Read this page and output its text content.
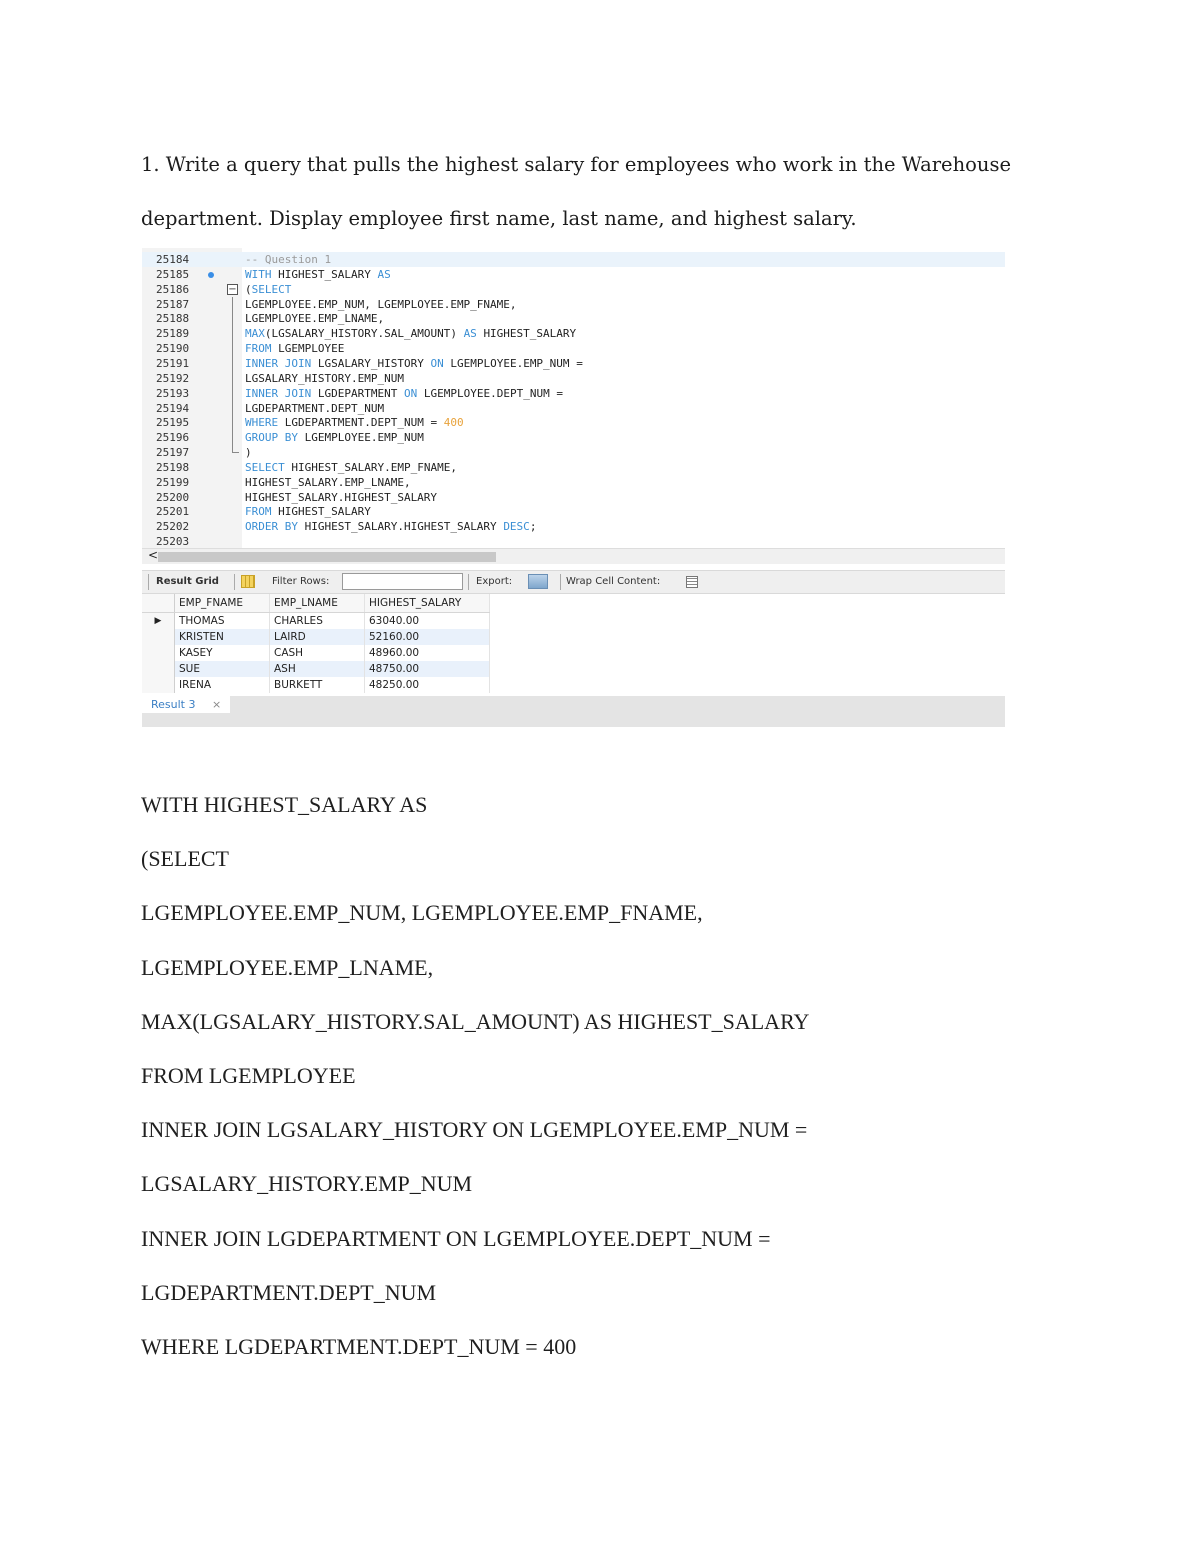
1. Write a query that pulls the highest salary for employees who work in the Warehouse

department. Display employee first name, last name, and highest salary.

25184	-- Question 1
25185	WITH HIGHEST_SALARY AS
25186	− (SELECT
25187	LGEMPLOYEE.EMP_NUM, LGEMPLOYEE.EMP_FNAME,
25188	LGEMPLOYEE.EMP_LNAME,
25189	MAX(LGSALARY_HISTORY.SAL_AMOUNT) AS HIGHEST_SALARY
25190	FROM LGEMPLOYEE
25191	INNER JOIN LGSALARY_HISTORY ON LGEMPLOYEE.EMP_NUM =
25192	LGSALARY_HISTORY.EMP_NUM
25193	INNER JOIN LGDEPARTMENT ON LGEMPLOYEE.DEPT_NUM =
25194	LGDEPARTMENT.DEPT_NUM
25195	WHERE LGDEPARTMENT.DEPT_NUM = 400
25196	GROUP BY LGEMPLOYEE.EMP_NUM
25197	)
25198	SELECT HIGHEST_SALARY.EMP_FNAME,
25199	HIGHEST_SALARY.EMP_LNAME,
25200	HIGHEST_SALARY.HIGHEST_SALARY
25201	FROM HIGHEST_SALARY
25202	ORDER BY HIGHEST_SALARY.HIGHEST_SALARY DESC;
25203
<
Result Grid	Filter Rows:	Export:	Wrap Cell Content:
	EMP_FNAME	EMP_LNAME	HIGHEST_SALARY
▶	THOMAS	CHARLES	63040.00
	KRISTEN	LAIRD	52160.00
	KASEY	CASH	48960.00
	SUE	ASH	48750.00
	IRENA	BURKETT	48250.00
Result 3 ×

WITH HIGHEST_SALARY AS

(SELECT

LGEMPLOYEE.EMP_NUM, LGEMPLOYEE.EMP_FNAME,

LGEMPLOYEE.EMP_LNAME,

MAX(LGSALARY_HISTORY.SAL_AMOUNT) AS HIGHEST_SALARY

FROM LGEMPLOYEE

INNER JOIN LGSALARY_HISTORY ON LGEMPLOYEE.EMP_NUM =

LGSALARY_HISTORY.EMP_NUM

INNER JOIN LGDEPARTMENT ON LGEMPLOYEE.DEPT_NUM =

LGDEPARTMENT.DEPT_NUM

WHERE LGDEPARTMENT.DEPT_NUM = 400
